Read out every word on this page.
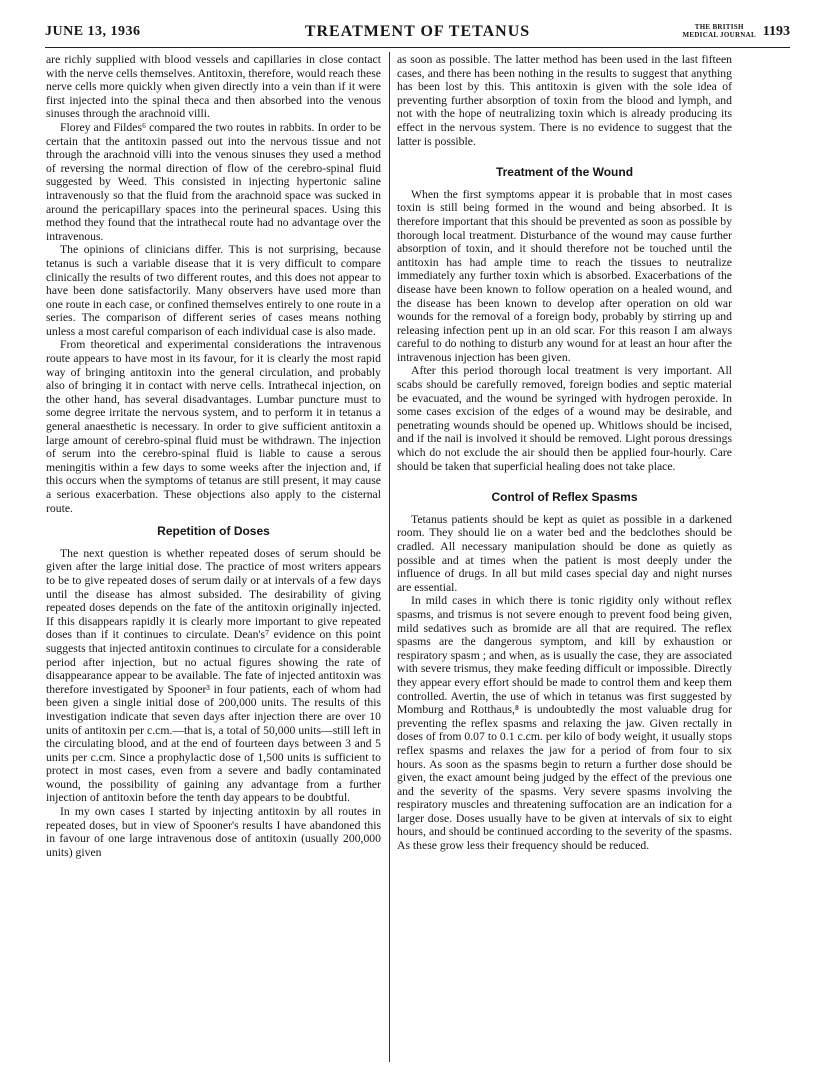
JUNE 13, 1936	TREATMENT OF TETANUS	THE BRITISH
MEDICAL JOURNAL 1193

are richly supplied with blood vessels and capillaries in close contact with the nerve cells themselves. Antitoxin, therefore, would reach these nerve cells more quickly when given directly into a vein than if it were first injected into the spinal theca and then absorbed into the venous sinuses through the arachnoid villi.

Florey and Fildes⁶ compared the two routes in rabbits. In order to be certain that the antitoxin passed out into the nervous tissue and not through the arachnoid villi into the venous sinuses they used a method of reversing the normal direction of flow of the cerebro-spinal fluid suggested by Weed. This consisted in injecting hypertonic saline intravenously so that the fluid from the arachnoid space was sucked in around the pericapillary spaces into the perineural spaces. Using this method they found that the intrathecal route had no advantage over the intravenous.

The opinions of clinicians differ. This is not surprising, because tetanus is such a variable disease that it is very difficult to compare clinically the results of two different routes, and this does not appear to have been done satisfactorily. Many observers have used more than one route in each case, or confined themselves entirely to one route in a series. The comparison of different series of cases means nothing unless a most careful comparison of each individual case is also made.

From theoretical and experimental considerations the intravenous route appears to have most in its favour, for it is clearly the most rapid way of bringing antitoxin into the general circulation, and probably also of bringing it in contact with nerve cells. Intrathecal injection, on the other hand, has several disadvantages. Lumbar puncture must to some degree irritate the nervous system, and to perform it in tetanus a general anaesthetic is necessary. In order to give sufficient antitoxin a large amount of cerebro-spinal fluid must be withdrawn. The injection of serum into the cerebro-spinal fluid is liable to cause a serous meningitis within a few days to some weeks after the injection and, if this occurs when the symptoms of tetanus are still present, it may cause a serious exacerbation. These objections also apply to the cisternal route.

Repetition of Doses

The next question is whether repeated doses of serum should be given after the large initial dose. The practice of most writers appears to be to give repeated doses of serum daily or at intervals of a few days until the disease has almost subsided. The desirability of giving repeated doses depends on the fate of the antitoxin originally injected. If this disappears rapidly it is clearly more important to give repeated doses than if it continues to circulate. Dean's⁷ evidence on this point suggests that injected antitoxin continues to circulate for a considerable period after injection, but no actual figures showing the rate of disappearance appear to be available. The fate of injected antitoxin was therefore investigated by Spooner³ in four patients, each of whom had been given a single initial dose of 200,000 units. The results of this investigation indicate that seven days after injection there are over 10 units of antitoxin per c.cm.—that is, a total of 50,000 units—still left in the circulating blood, and at the end of fourteen days between 3 and 5 units per c.cm. Since a prophylactic dose of 1,500 units is sufficient to protect in most cases, even from a severe and badly contaminated wound, the possibility of gaining any advantage from a further injection of antitoxin before the tenth day appears to be doubtful.

In my own cases I started by injecting antitoxin by all routes in repeated doses, but in view of Spooner's results I have abandoned this in favour of one large intravenous dose of antitoxin (usually 200,000 units) given

as soon as possible. The latter method has been used in the last fifteen cases, and there has been nothing in the results to suggest that anything has been lost by this. This antitoxin is given with the sole idea of preventing further absorption of toxin from the blood and lymph, and not with the hope of neutralizing toxin which is already producing its effect in the nervous system. There is no evidence to suggest that the latter is possible.

Treatment of the Wound

When the first symptoms appear it is probable that in most cases toxin is still being formed in the wound and being absorbed. It is therefore important that this should be prevented as soon as possible by thorough local treatment. Disturbance of the wound may cause further absorption of toxin, and it should therefore not be touched until the antitoxin has had ample time to reach the tissues to neutralize immediately any further toxin which is absorbed. Exacerbations of the disease have been known to follow operation on a healed wound, and the disease has been known to develop after operation on old war wounds for the removal of a foreign body, probably by stirring up and releasing infection pent up in an old scar. For this reason I am always careful to do nothing to disturb any wound for at least an hour after the intravenous injection has been given.

After this period thorough local treatment is very important. All scabs should be carefully removed, foreign bodies and septic material be evacuated, and the wound be syringed with hydrogen peroxide. In some cases excision of the edges of a wound may be desirable, and penetrating wounds should be opened up. Whitlows should be incised, and if the nail is involved it should be removed. Light porous dressings which do not exclude the air should then be applied four-hourly. Care should be taken that superficial healing does not take place.

Control of Reflex Spasms

Tetanus patients should be kept as quiet as possible in a darkened room. They should lie on a water bed and the bedclothes should be cradled. All necessary manipulation should be done as quietly as possible and at times when the patient is most deeply under the influence of drugs. In all but mild cases special day and night nurses are essential.

In mild cases in which there is tonic rigidity only without reflex spasms, and trismus is not severe enough to prevent food being given, mild sedatives such as bromide are all that are required. The reflex spasms are the dangerous symptom, and kill by exhaustion or respiratory spasm ; and when, as is usually the case, they are associated with severe trismus, they make feeding difficult or impossible. Directly they appear every effort should be made to control them and keep them controlled. Avertin, the use of which in tetanus was first suggested by Momburg and Rotthaus,⁸ is undoubtedly the most valuable drug for preventing the reflex spasms and relaxing the jaw. Given rectally in doses of from 0.07 to 0.1 c.cm. per kilo of body weight, it usually stops reflex spasms and relaxes the jaw for a period of from four to six hours. As soon as the spasms begin to return a further dose should be given, the exact amount being judged by the effect of the previous one and the severity of the spasms. Very severe spasms involving the respiratory muscles and threatening suffocation are an indication for a larger dose. Doses usually have to be given at intervals of six to eight hours, and should be continued according to the severity of the spasms. As these grow less their frequency should be reduced.
